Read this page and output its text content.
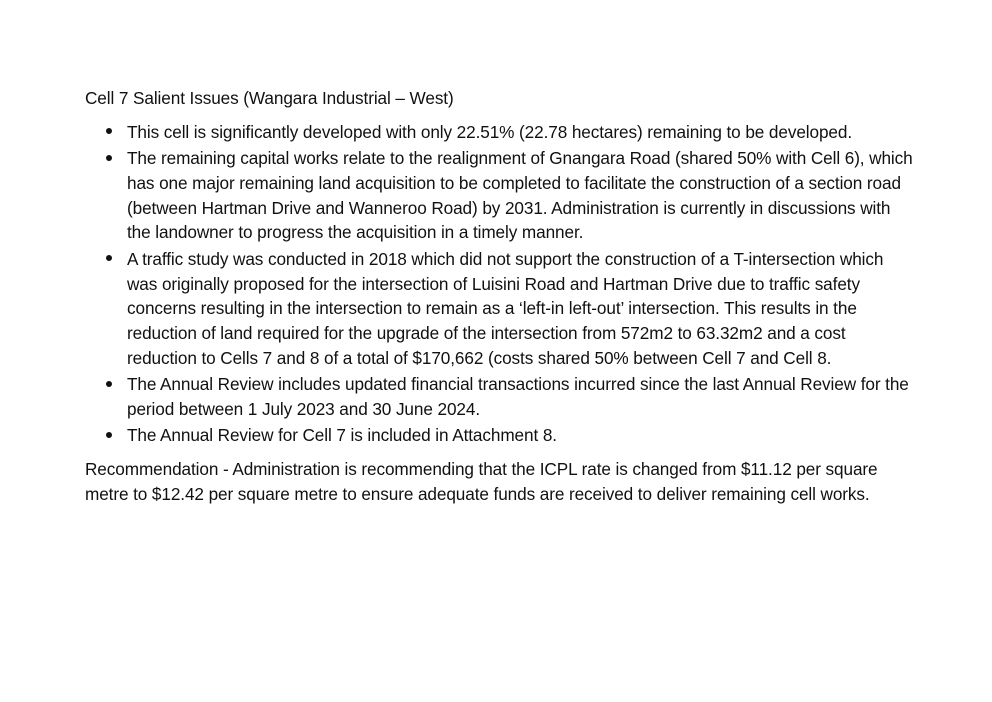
Cell 7 Salient Issues (Wangara Industrial – West)

This cell is significantly developed with only 22.51% (22.78 hectares) remaining to be developed.
The remaining capital works relate to the realignment of Gnangara Road (shared 50% with Cell 6), which has one major remaining land acquisition to be completed to facilitate the construction of a section road (between Hartman Drive and Wanneroo Road) by 2031. Administration is currently in discussions with the landowner to progress the acquisition in a timely manner.
A traffic study was conducted in 2018 which did not support the construction of a T-intersection which was originally proposed for the intersection of Luisini Road and Hartman Drive due to traffic safety concerns resulting in the intersection to remain as a ‘left-in left-out’ intersection. This results in the reduction of land required for the upgrade of the intersection from 572m2 to 63.32m2 and a cost reduction to Cells 7 and 8 of a total of $170,662 (costs shared 50% between Cell 7 and Cell 8.
The Annual Review includes updated financial transactions incurred since the last Annual Review for the period between 1 July 2023 and 30 June 2024.
The Annual Review for Cell 7 is included in Attachment 8.

Recommendation - Administration is recommending that the ICPL rate is changed from $11.12 per square metre to $12.42 per square metre to ensure adequate funds are received to deliver remaining cell works.
